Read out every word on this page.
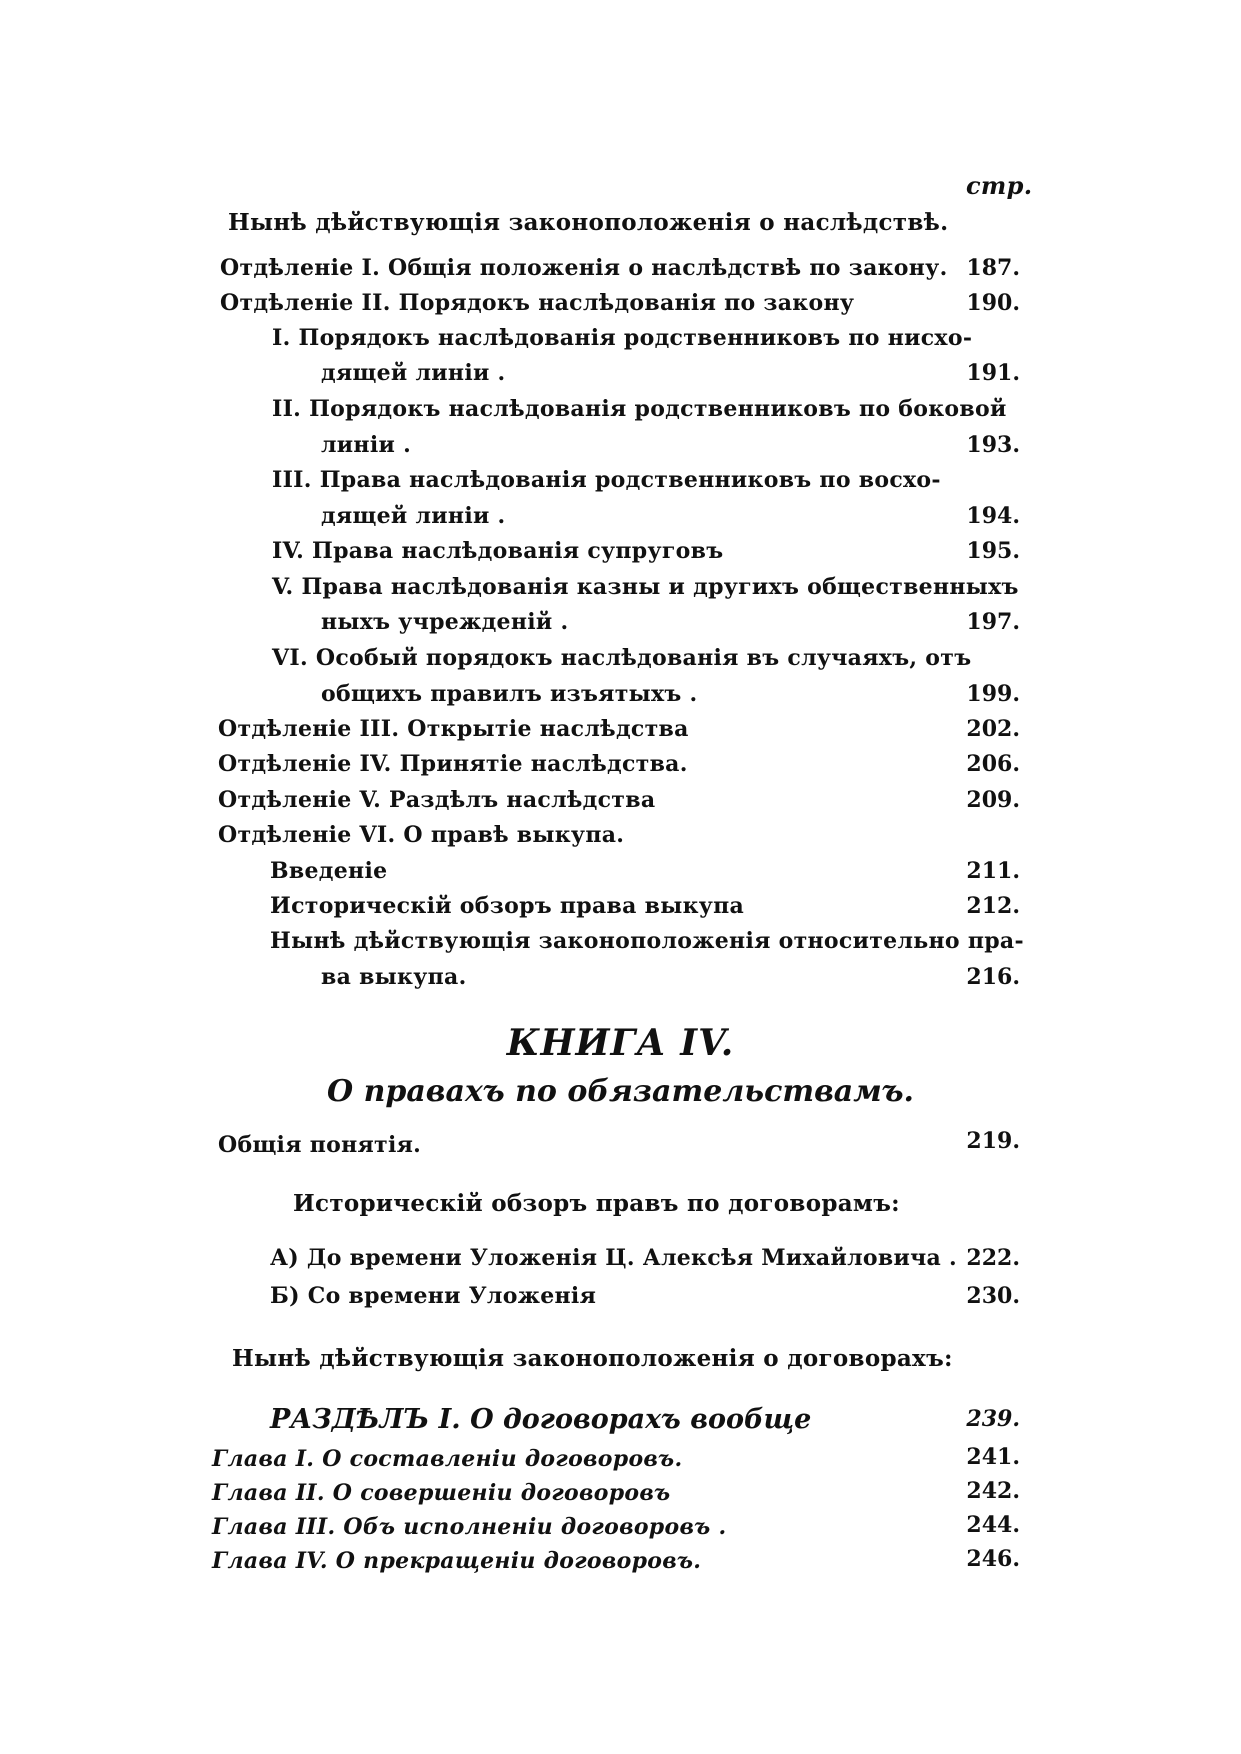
стр.
Нынѣ дѣйствующія законоположенія о наслѣдствѣ.
Отдѣленіе I. Общія положенія о наслѣдствѣ по закону. 187.
Отдѣленіе II. Порядокъ наслѣдованія по закону	190.
I. Порядокъ наслѣдованія родственниковъ по нисхо-
дящей линіи .	191.
II. Порядокъ наслѣдованія родственниковъ по боковой
линіи .	193.
III. Права наслѣдованія родственниковъ по восхо-
дящей линіи .	194.
IV. Права наслѣдованія супруговъ	195.
V. Права наслѣдованія казны и другихъ общественныхъ
ныхъ учрежденій .	197.
VI. Особый порядокъ наслѣдованія въ случаяхъ, отъ
общихъ правилъ изъятыхъ .	199.
Отдѣленіе III. Открытіе наслѣдства	202.
Отдѣленіе IV. Принятіе наслѣдства.	206.
Отдѣленіе V. Раздѣлъ наслѣдства	209.
Отдѣленіе VI. О правѣ выкупа.
Введеніе	211.
Историческій обзоръ права выкупа	212.
Нынѣ дѣйствующія законоположенія относительно пра-
ва выкупа.	216.
КНИГА IV.
О правахъ по обязательствамъ.
Общія понятія.	219.
Историческій обзоръ правъ по договорамъ:
А) До времени Уложенія Ц. Алексѣя Михайловича . 222.
Б) Со времени Уложенія	230.
Нынѣ дѣйствующія законоположенія о договорахъ:
РАЗДѢЛЪ I. О договорахъ вообще	239.
Глава I. О составленіи договоровъ.	241.
Глава II. О совершеніи договоровъ	242.
Глава III. Объ исполненіи договоровъ .	244.
Глава IV. О прекращеніи договоровъ.	246.
